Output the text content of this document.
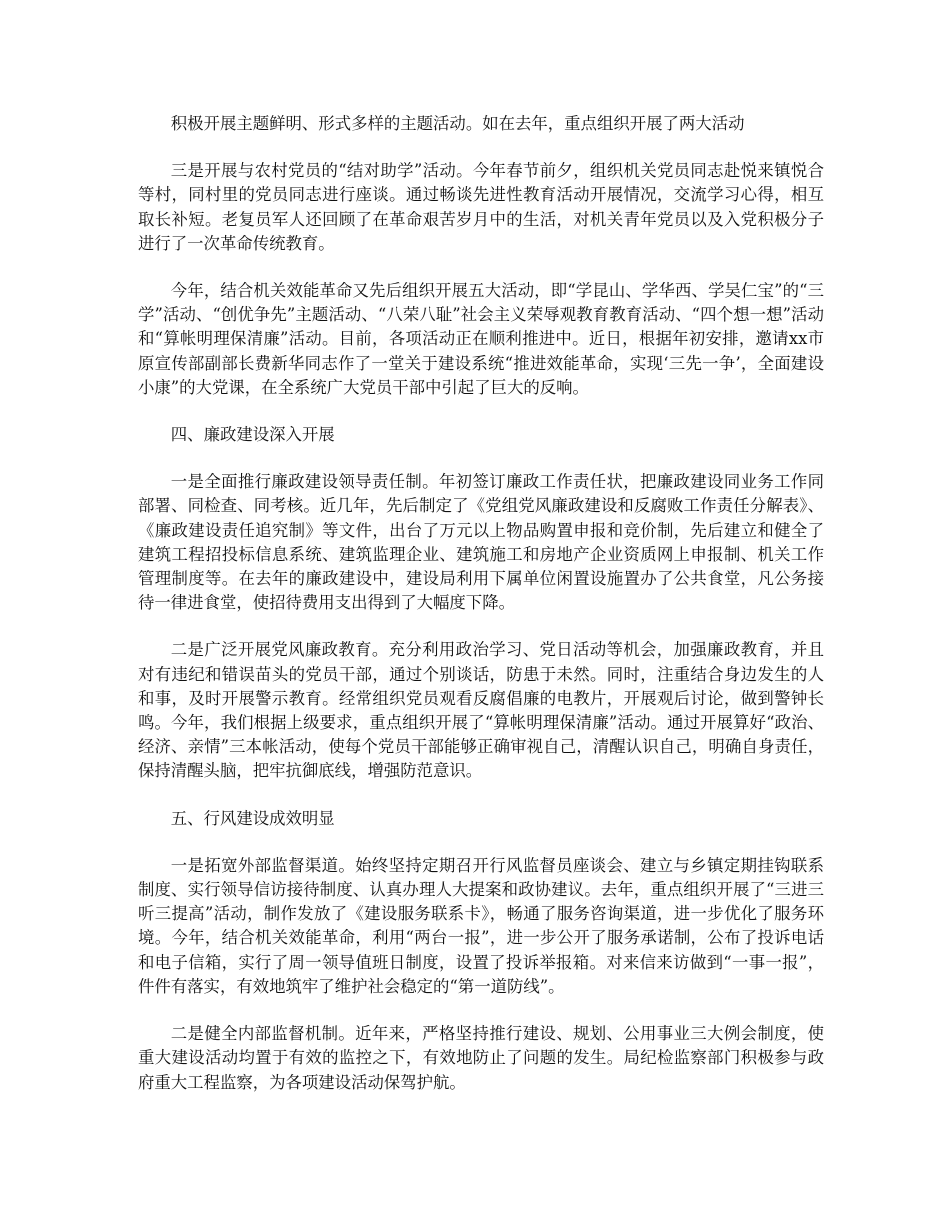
积极开展主题鲜明、形式多样的主题活动。如在去年，重点组织开展了两大活动

三是开展与农村党员的“结对助学”活动。今年春节前夕，组织机关党员同志赴悦来镇悦合等村，同村里的党员同志进行座谈。通过畅谈先进性教育活动开展情况，交流学习心得，相互取长补短。老复员军人还回顾了在革命艰苦岁月中的生活，对机关青年党员以及入党积极分子进行了一次革命传统教育。

今年，结合机关效能革命又先后组织开展五大活动，即“学昆山、学华西、学吴仁宝”的“三学”活动、“创优争先”主题活动、“八荣八耻”社会主义荣辱观教育教育活动、“四个想一想”活动和“算帐明理保清廉”活动。目前，各项活动正在顺利推进中。近日，根据年初安排，邀请xx市原宣传部副部长费新华同志作了一堂关于建设系统“推进效能革命，实现‘三先一争’，全面建设小康”的大党课，在全系统广大党员干部中引起了巨大的反响。

四、廉政建设深入开展

一是全面推行廉政建设领导责任制。年初签订廉政工作责任状，把廉政建设同业务工作同部署、同检查、同考核。近几年，先后制定了《党组党风廉政建设和反腐败工作责任分解表》、《廉政建设责任追究制》等文件，出台了万元以上物品购置申报和竞价制，先后建立和健全了建筑工程招投标信息系统、建筑监理企业、建筑施工和房地产企业资质网上申报制、机关工作管理制度等。在去年的廉政建设中，建设局利用下属单位闲置设施置办了公共食堂，凡公务接待一律进食堂，使招待费用支出得到了大幅度下降。

二是广泛开展党风廉政教育。充分利用政治学习、党日活动等机会，加强廉政教育，并且对有违纪和错误苗头的党员干部，通过个别谈话，防患于未然。同时，注重结合身边发生的人和事，及时开展警示教育。经常组织党员观看反腐倡廉的电教片，开展观后讨论，做到警钟长鸣。今年，我们根据上级要求，重点组织开展了“算帐明理保清廉”活动。通过开展算好“政治、经济、亲情”三本帐活动，使每个党员干部能够正确审视自己，清醒认识自己，明确自身责任，保持清醒头脑，把牢抗御底线，增强防范意识。

五、行风建设成效明显

一是拓宽外部监督渠道。始终坚持定期召开行风监督员座谈会、建立与乡镇定期挂钩联系制度、实行领导信访接待制度、认真办理人大提案和政协建议。去年，重点组织开展了“三进三听三提高”活动，制作发放了《建设服务联系卡》，畅通了服务咨询渠道，进一步优化了服务环境。今年，结合机关效能革命，利用“两台一报”，进一步公开了服务承诺制，公布了投诉电话和电子信箱，实行了周一领导值班日制度，设置了投诉举报箱。对来信来访做到“一事一报”，件件有落实，有效地筑牢了维护社会稳定的“第一道防线”。

二是健全内部监督机制。近年来，严格坚持推行建设、规划、公用事业三大例会制度，使重大建设活动均置于有效的监控之下，有效地防止了问题的发生。局纪检监察部门积极参与政府重大工程监察，为各项建设活动保驾护航。
